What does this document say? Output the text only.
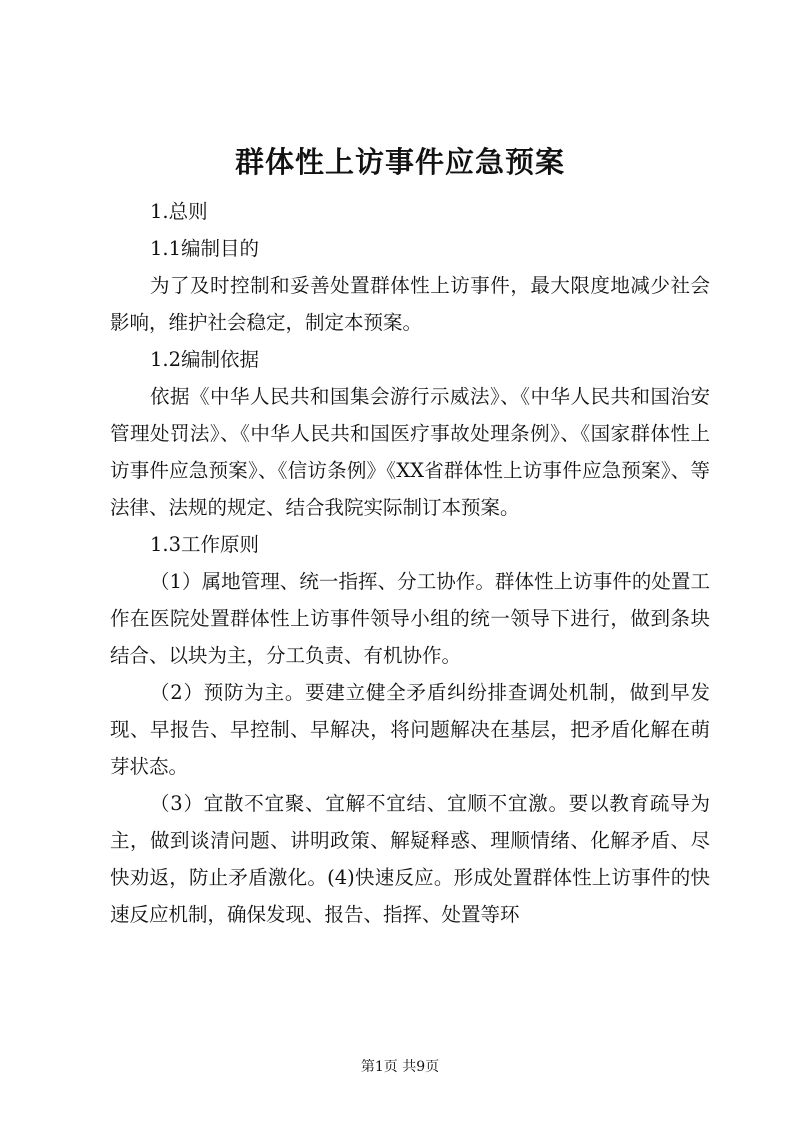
群体性上访事件应急预案

1.总则

1.1编制目的

为了及时控制和妥善处置群体性上访事件，最大限度地减少社会影响，维护社会稳定，制定本预案。

1.2编制依据

依据《中华人民共和国集会游行示威法》、《中华人民共和国治安管理处罚法》、《中华人民共和国医疗事故处理条例》、《国家群体性上访事件应急预案》、《信访条例》《XX省群体性上访事件应急预案》、等法律、法规的规定、结合我院实际制订本预案。

1.3工作原则

（1）属地管理、统一指挥、分工协作。群体性上访事件的处置工作在医院处置群体性上访事件领导小组的统一领导下进行，做到条块结合、以块为主，分工负责、有机协作。

（2）预防为主。要建立健全矛盾纠纷排查调处机制，做到早发现、早报告、早控制、早解决，将问题解决在基层，把矛盾化解在萌芽状态。

（3）宜散不宜聚、宜解不宜结、宜顺不宜激。要以教育疏导为主，做到谈清问题、讲明政策、解疑释惑、理顺情绪、化解矛盾、尽快劝返，防止矛盾激化。(4)快速反应。形成处置群体性上访事件的快速反应机制，确保发现、报告、指挥、处置等环

第1页 共9页
